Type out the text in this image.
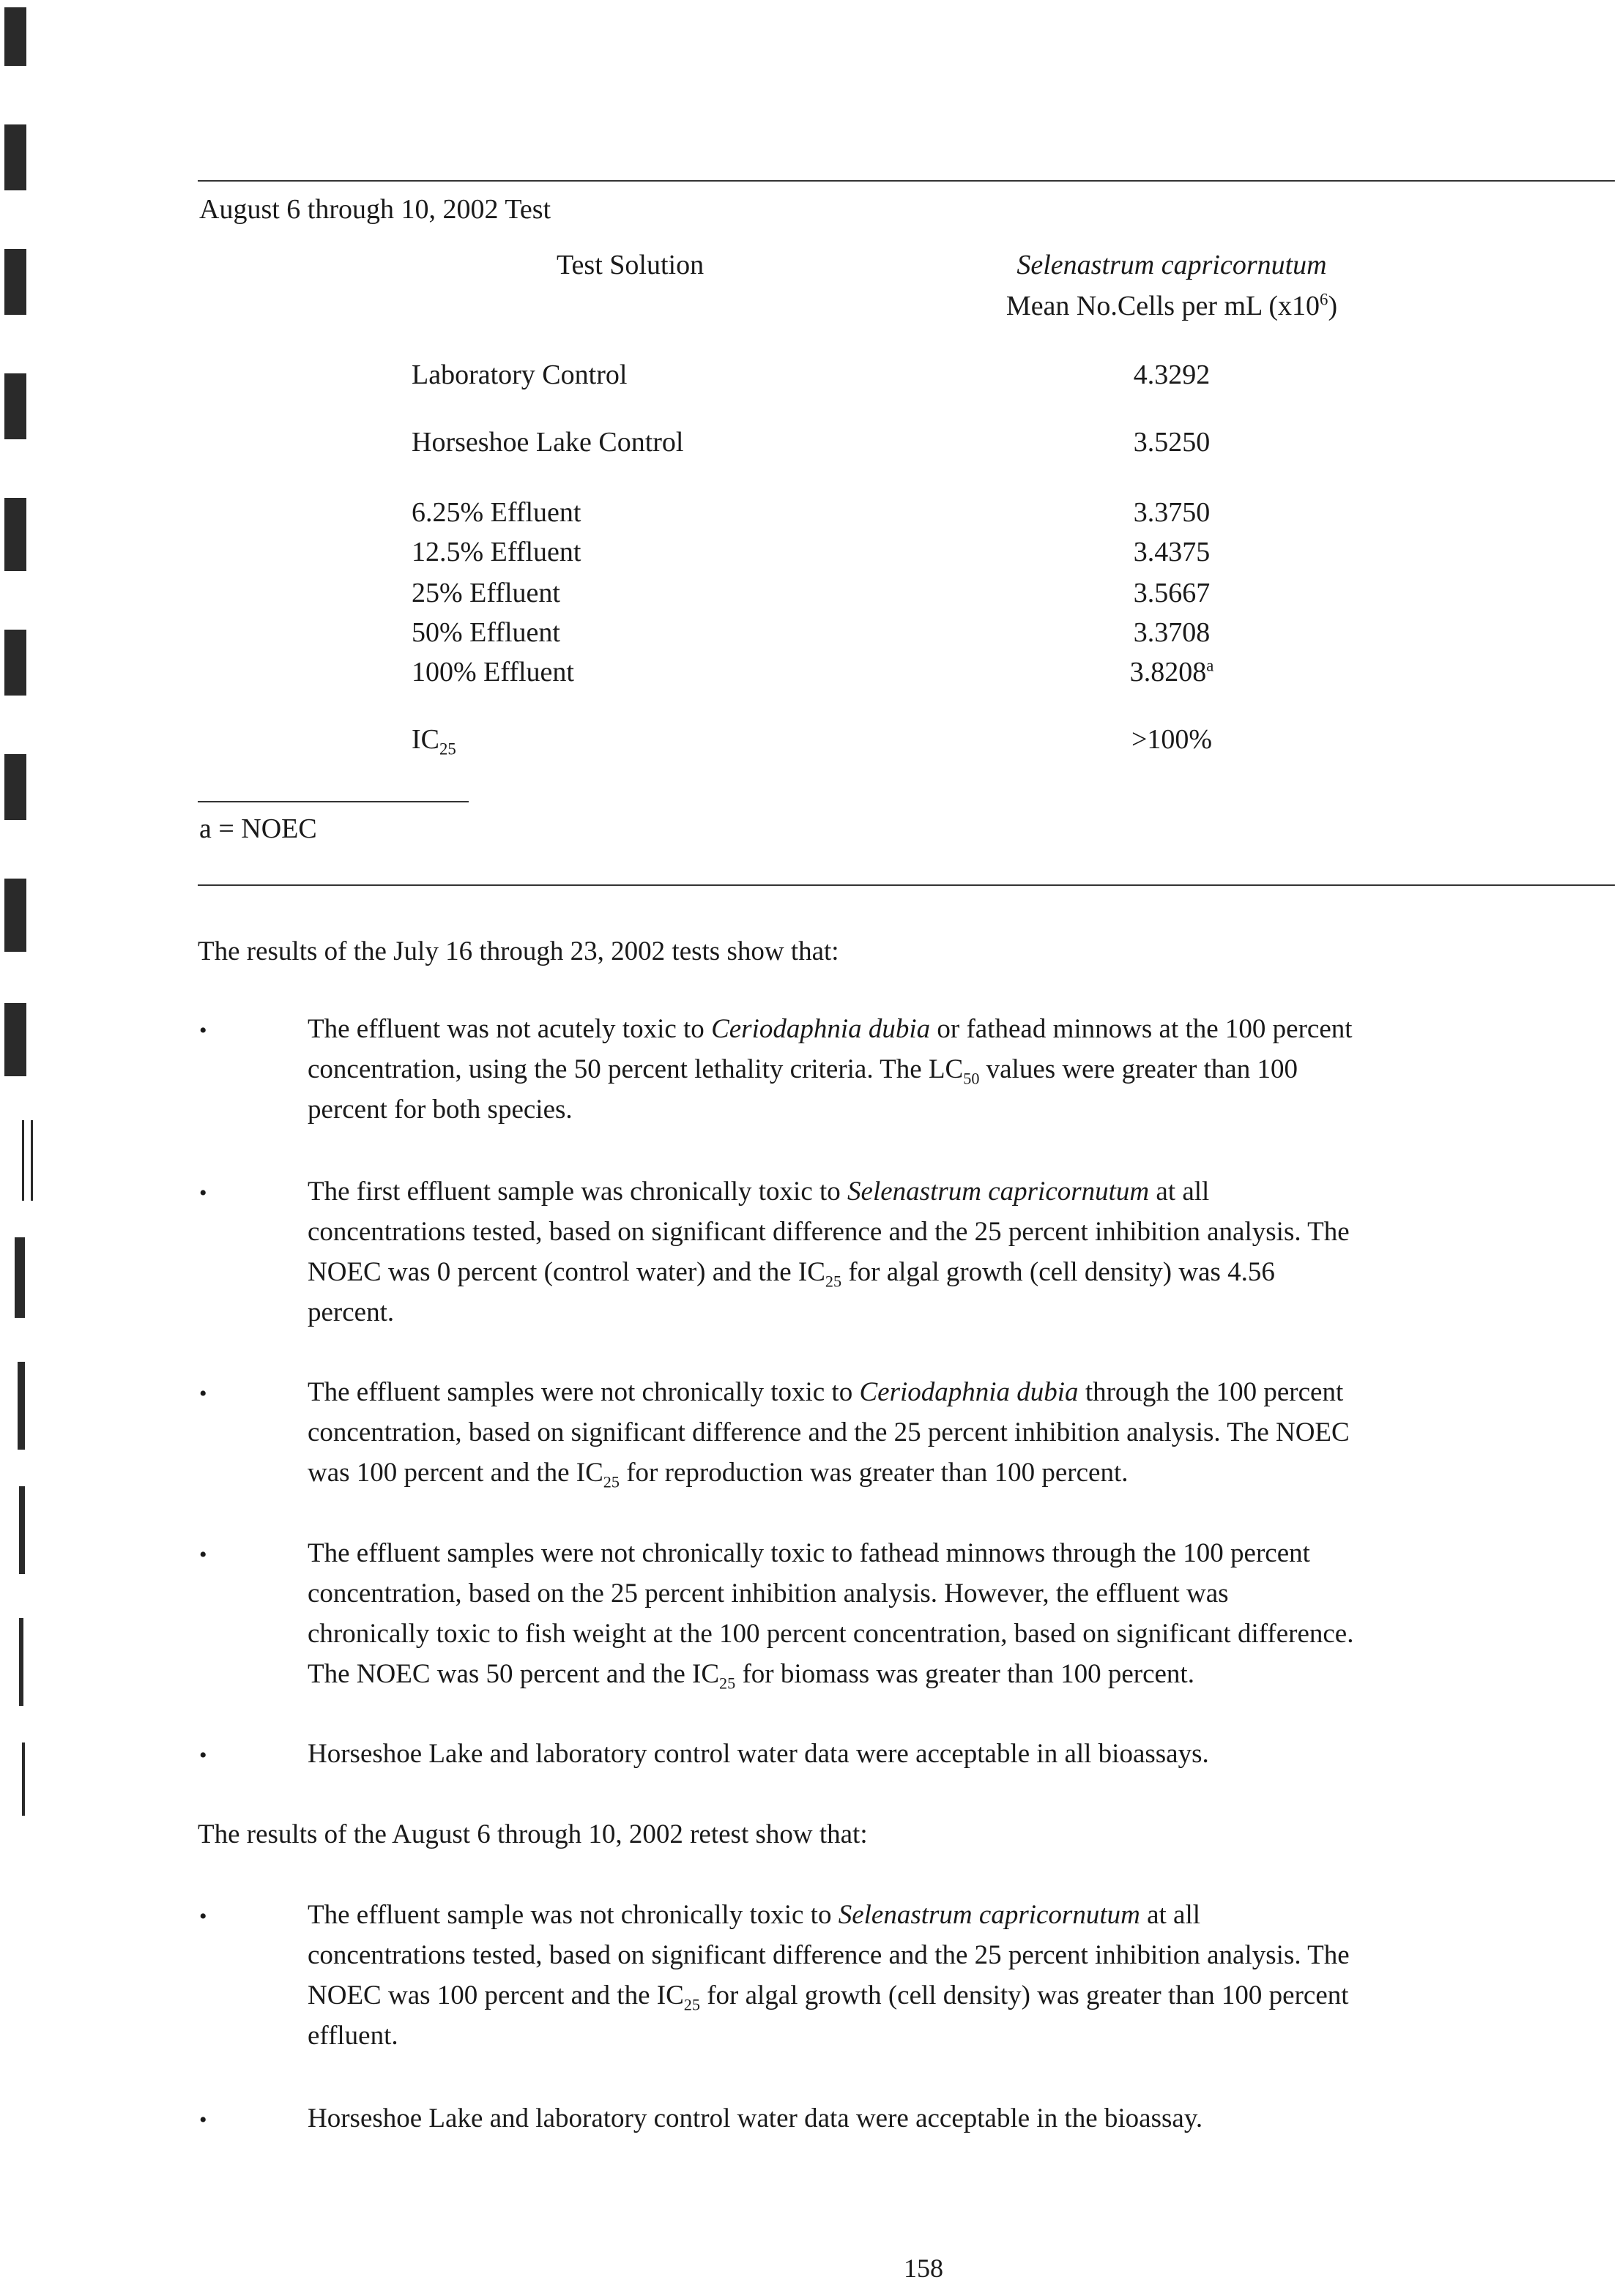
August 6 through 10, 2002 Test
Test Solution	Selenastrum capricornutum
Mean No.Cells per mL $(x10^6)$
Laboratory Control	4.3292
Horseshoe Lake Control	3.5250
6.25% Effluent	3.3750
12.5% Effluent	3.4375
25% Effluent	3.5667
50% Effluent	3.3708
100% Effluent	3.8208$^a$
$IC_{25}$	>100%
a = NOEC
The results of the July 16 through 23, 2002 tests show that:
•	The effluent was not acutely toxic to Ceriodaphnia dubia or fathead minnows at the 100 percent
concentration, using the 50 percent lethality criteria. The $LC_{50}$ values were greater than 100
percent for both species.
•	The first effluent sample was chronically toxic to Selenastrum capricornutum at all
concentrations tested, based on significant difference and the 25 percent inhibition analysis. The
NOEC was 0 percent (control water) and the $IC_{25}$ for algal growth (cell density) was 4.56
percent.
•	The effluent samples were not chronically toxic to Ceriodaphnia dubia through the 100 percent
concentration, based on significant difference and the 25 percent inhibition analysis. The NOEC
was 100 percent and the $IC_{25}$ for reproduction was greater than 100 percent.
•	The effluent samples were not chronically toxic to fathead minnows through the 100 percent
concentration, based on the 25 percent inhibition analysis. However, the effluent was
chronically toxic to fish weight at the 100 percent concentration, based on significant difference.
The NOEC was 50 percent and the $IC_{25}$ for biomass was greater than 100 percent.
•	Horseshoe Lake and laboratory control water data were acceptable in all bioassays.
The results of the August 6 through 10, 2002 retest show that:
•	The effluent sample was not chronically toxic to Selenastrum capricornutum at all
concentrations tested, based on significant difference and the 25 percent inhibition analysis. The
NOEC was 100 percent and the $IC_{25}$ for algal growth (cell density) was greater than 100 percent
effluent.
•	Horseshoe Lake and laboratory control water data were acceptable in the bioassay.
158
